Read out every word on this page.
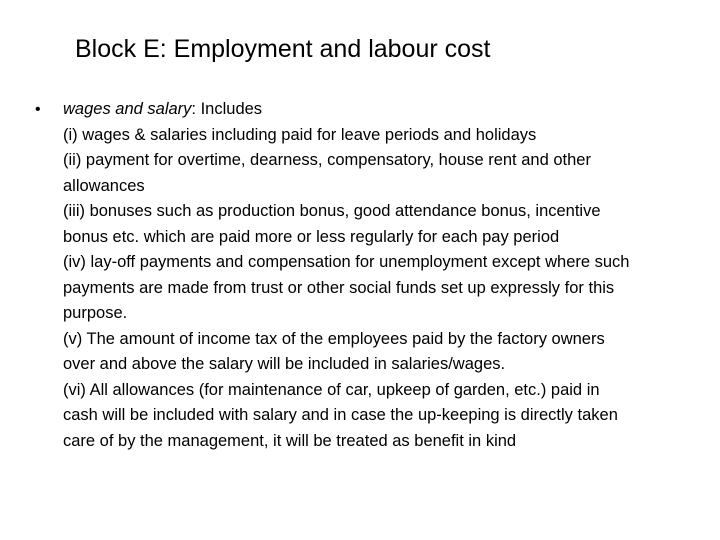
Block E: Employment and labour cost
•	wages and salary: Includes

(i) wages & salaries including paid for leave periods and holidays

(ii) payment for overtime, dearness, compensatory, house rent and other allowances

(iii) bonuses such as production bonus, good attendance bonus, incentive bonus etc. which are paid more or less regularly for each pay period

(iv) lay-off payments and compensation for unemployment except where such payments are made from trust or other social funds set up expressly for this purpose.

(v) The amount of income tax of the employees paid by the factory owners over and above the salary will be included in salaries/wages.

(vi) All allowances (for maintenance of car, upkeep of garden, etc.) paid in cash will be included with salary and in case the up-keeping is directly taken care of by the management, it will be treated as benefit in kind
